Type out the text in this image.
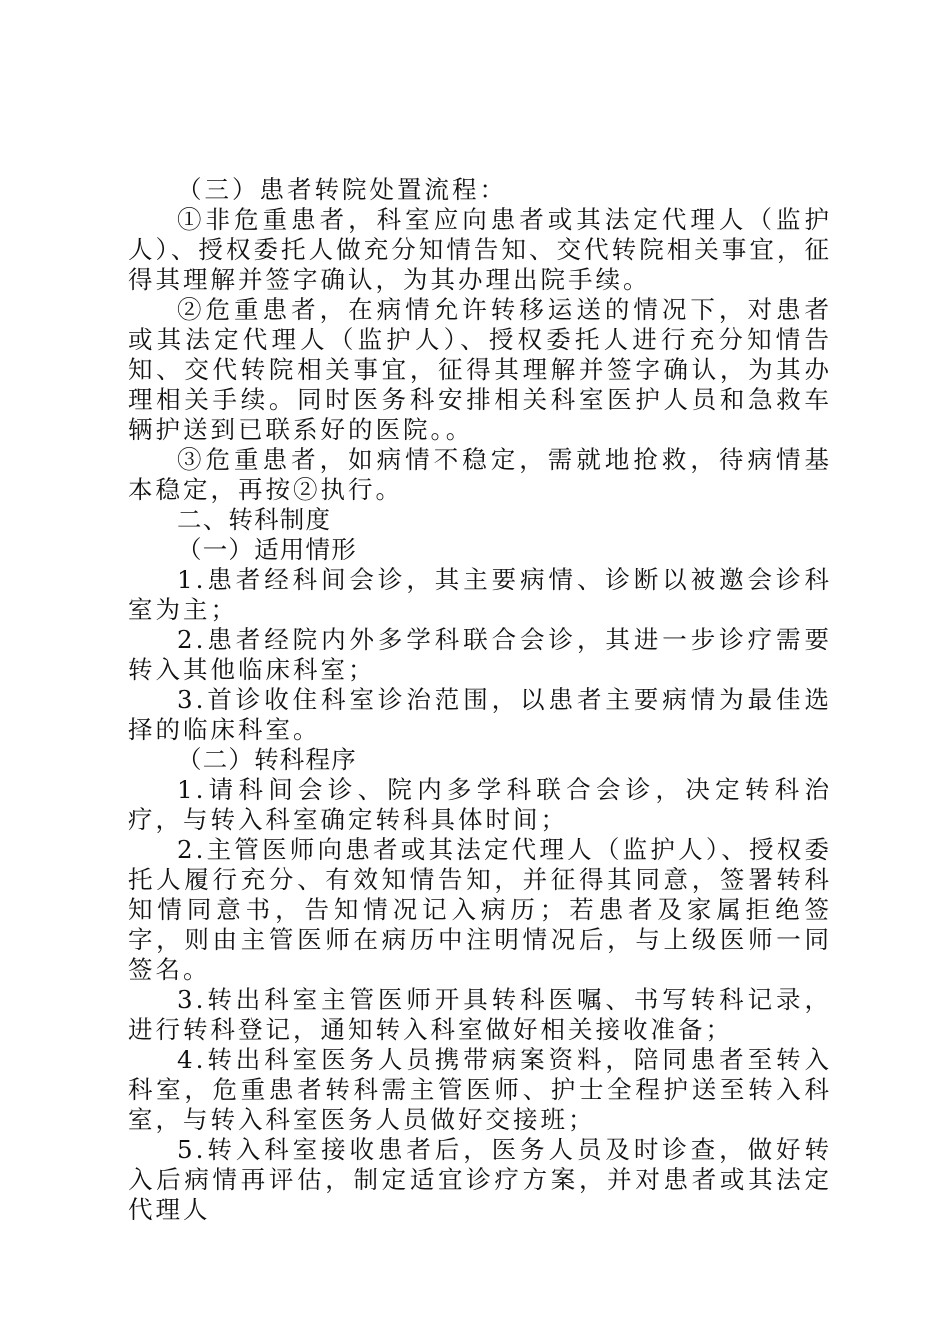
（三）患者转院处置流程：

①非危重患者，科室应向患者或其法定代理人（监护人）、授权委托人做充分知情告知、交代转院相关事宜，征得其理解并签字确认，为其办理出院手续。

②危重患者，在病情允许转移运送的情况下，对患者或其法定代理人（监护人）、授权委托人进行充分知情告知、交代转院相关事宜，征得其理解并签字确认，为其办理相关手续。同时医务科安排相关科室医护人员和急救车辆护送到已联系好的医院。。

③危重患者，如病情不稳定，需就地抢救，待病情基本稳定，再按②执行。

二、转科制度

（一）适用情形

1.患者经科间会诊，其主要病情、诊断以被邀会诊科室为主；

2.患者经院内外多学科联合会诊，其进一步诊疗需要转入其他临床科室；

3.首诊收住科室诊治范围，以患者主要病情为最佳选择的临床科室。

（二）转科程序

1.请科间会诊、院内多学科联合会诊，决定转科治疗，与转入科室确定转科具体时间；

2.主管医师向患者或其法定代理人（监护人）、授权委托人履行充分、有效知情告知，并征得其同意，签署转科知情同意书，告知情况记入病历；若患者及家属拒绝签字，则由主管医师在病历中注明情况后，与上级医师一同签名。

3.转出科室主管医师开具转科医嘱、书写转科记录，进行转科登记，通知转入科室做好相关接收准备；

4.转出科室医务人员携带病案资料，陪同患者至转入科室，危重患者转科需主管医师、护士全程护送至转入科室，与转入科室医务人员做好交接班；

5.转入科室接收患者后，医务人员及时诊查，做好转入后病情再评估，制定适宜诊疗方案，并对患者或其法定代理人
